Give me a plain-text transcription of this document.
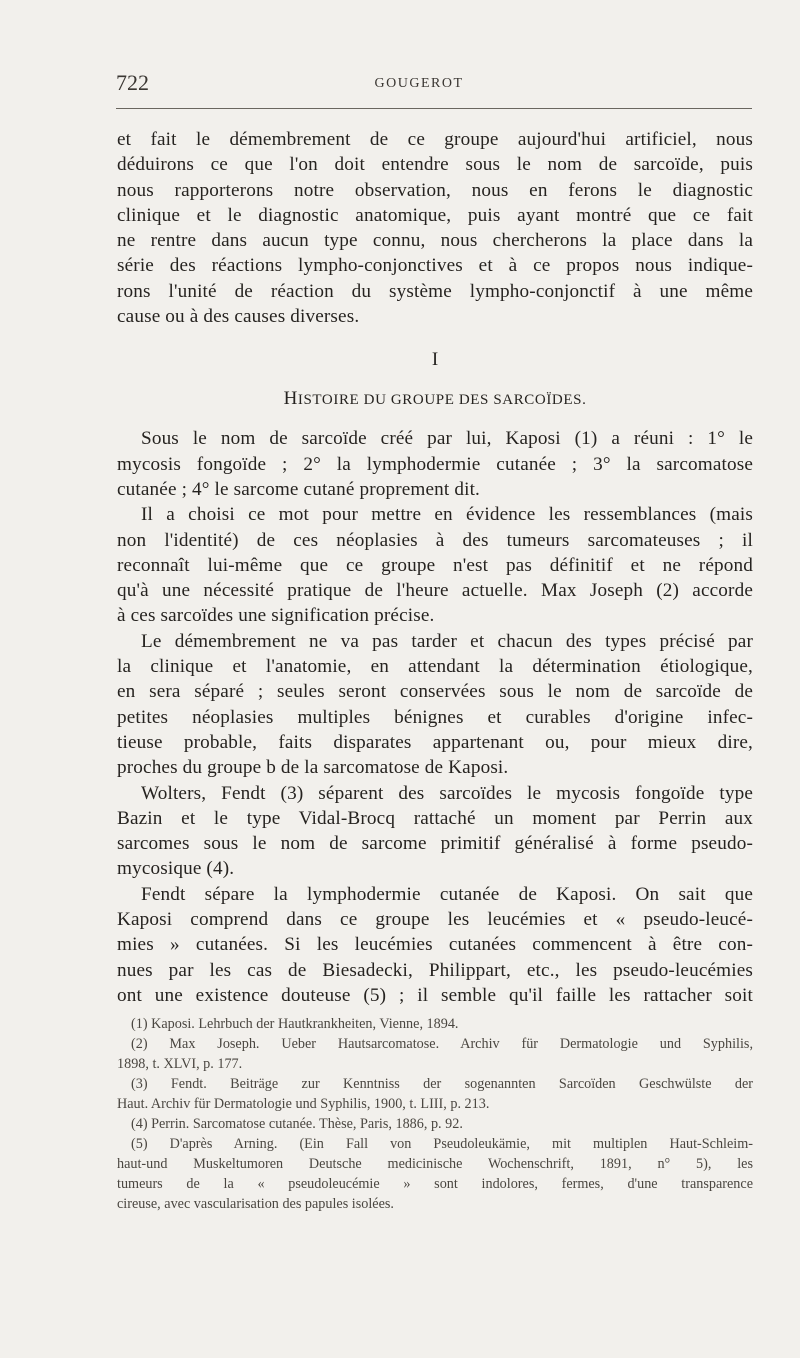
722	GOUGEROT

et fait le démembrement de ce groupe aujourd'hui artificiel, nous

déduirons ce que l'on doit entendre sous le nom de sarcoïde, puis

nous rapporterons notre observation, nous en ferons le diagnostic

clinique et le diagnostic anatomique, puis ayant montré que ce fait

ne rentre dans aucun type connu, nous chercherons la place dans la

série des réactions lympho-conjonctives et à ce propos nous indique-

rons l'unité de réaction du système lympho-conjonctif à une même

cause ou à des causes diverses.

I
HISTOIRE DU GROUPE DES SARCOÏDES.

Sous le nom de sarcoïde créé par lui, Kaposi (1) a réuni : 1° le

mycosis fongoïde ; 2° la lymphodermie cutanée ; 3° la sarcomatose

cutanée ; 4° le sarcome cutané proprement dit.

Il a choisi ce mot pour mettre en évidence les ressemblances (mais

non l'identité) de ces néoplasies à des tumeurs sarcomateuses ; il

reconnaît lui-même que ce groupe n'est pas définitif et ne répond

qu'à une nécessité pratique de l'heure actuelle. Max Joseph (2) accorde

à ces sarcoïdes une signification précise.

Le démembrement ne va pas tarder et chacun des types précisé par

la clinique et l'anatomie, en attendant la détermination étiologique,

en sera séparé ; seules seront conservées sous le nom de sarcoïde de

petites néoplasies multiples bénignes et curables d'origine infec-

tieuse probable, faits disparates appartenant ou, pour mieux dire,

proches du groupe b de la sarcomatose de Kaposi.

Wolters, Fendt (3) séparent des sarcoïdes le mycosis fongoïde type

Bazin et le type Vidal-Brocq rattaché un moment par Perrin aux

sarcomes sous le nom de sarcome primitif généralisé à forme pseudo-

mycosique (4).

Fendt sépare la lymphodermie cutanée de Kaposi. On sait que

Kaposi comprend dans ce groupe les leucémies et « pseudo-leucé-

mies » cutanées. Si les leucémies cutanées commencent à être con-

nues par les cas de Biesadecki, Philippart, etc., les pseudo-leucémies

ont une existence douteuse (5) ; il semble qu'il faille les rattacher soit

(1) Kaposi. Lehrbuch der Hautkrankheiten, Vienne, 1894.

(2) Max Joseph. Ueber Hautsarcomatose. Archiv für Dermatologie und Syphilis,

1898, t. XLVI, p. 177.

(3) Fendt. Beiträge zur Kenntniss der sogenannten Sarcoïden Geschwülste der

Haut. Archiv für Dermatologie und Syphilis, 1900, t. LIII, p. 213.

(4) Perrin. Sarcomatose cutanée. Thèse, Paris, 1886, p. 92.

(5) D'après Arning. (Ein Fall von Pseudoleukämie, mit multiplen Haut-Schleim-

haut-und Muskeltumoren Deutsche medicinische Wochenschrift, 1891, n° 5), les

tumeurs de la « pseudoleucémie » sont indolores, fermes, d'une transparence

cireuse, avec vascularisation des papules isolées.
